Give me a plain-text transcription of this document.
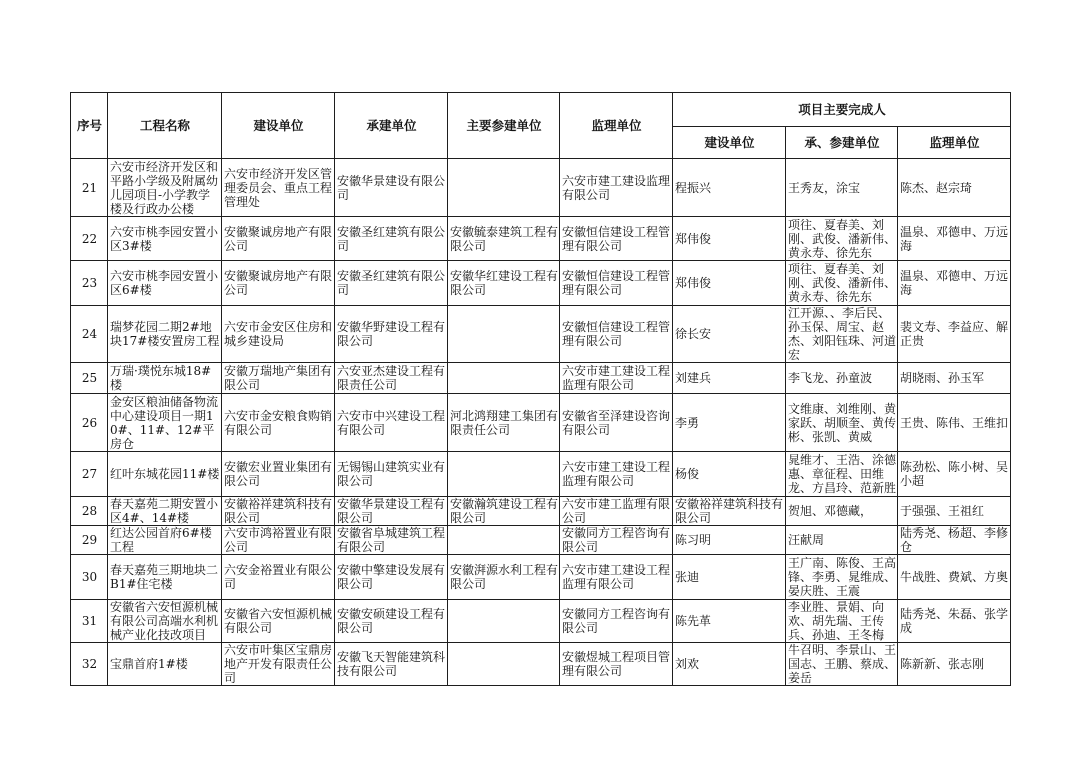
序号	工程名称	建设单位	承建单位	主要参建单位	监理单位	项目主要完成人		
						建设单位	承、参建单位	监理单位
21	六安市经济开发区和平路小学级及附属幼儿园项目-小学教学楼及行政办公楼	六安市经济开发区管理委员会、重点工程管理处	安徽华景建设有限公司		六安市建工建设监理有限公司	程振兴	王秀友，涂宝	陈杰、赵宗琦
22	六安市桃李园安置小区3#楼	安徽聚诚房地产有限公司	安徽圣红建筑有限公司	安徽毓泰建筑工程有限公司	安徽恒信建设工程管理有限公司	郑伟俊	项往、夏春美、刘刚、武俊、潘新伟、黄永寿、徐先东	温泉、邓德申、万远海
23	六安市桃李园安置小区6#楼	安徽聚诚房地产有限公司	安徽圣红建筑有限公司	安徽华红建设工程有限公司	安徽恒信建设工程管理有限公司	郑伟俊	项往、夏春美、刘刚、武俊、潘新伟、黄永寿、徐先东	温泉、邓德申、万远海
24	瑞梦花园二期2#地块17#楼安置房工程	六安市金安区住房和城乡建设局	安徽华野建设工程有限公司		安徽恒信建设工程管理有限公司	徐长安	江开源、、李后民、孙玉保、周宝、赵杰、刘阳钰珠、河道宏	裴文寿、李益应、解正贵
25	万瑞·璞悦东城18#楼	安徽万瑞地产集团有限公司	六安亚杰建设工程有限责任公司		六安市建工建设工程监理有限公司	刘建兵	李飞龙、孙童波	胡晓雨、孙玉军
26	金安区粮油储备物流中心建设项目一期10#、11#、12#平房仓	六安市金安粮食购销有限公司	六安市中兴建设工程有限公司	河北鸿翔建工集团有限责任公司	安徽省至泽建设咨询有限公司	李勇	文维康、刘维刚、黄家跃、胡顺奎、黄传彬、张凯、黄威	王贵、陈伟、王维扣
27	红叶东城花园11#楼	安徽宏业置业集团有限公司	无锡锡山建筑实业有限公司		六安市建工建设工程监理有限公司	杨俊	晁维才、王浩、涂德惠、章征程、田维龙、方昌玲、范新胜	陈劲松、陈小树、吴小超
28	春天嘉苑二期安置小区4#、14#楼	安徽裕祥建筑科技有限公司	安徽华景建设工程有限公司	安徽瀚筑建设工程有限公司	六安市建工监理有限公司	安徽裕祥建筑科技有限公司	贺旭、邓德藏，	于强强、王祖红
29	红达公园首府6#楼工程	六安市鸿裕置业有限公司	安徽省阜城建筑工程有限公司		安徽同方工程咨询有限公司	陈习明	汪献周	陆秀尧、杨超、李修仓
30	春天嘉苑三期地块二B1#住宅楼	六安金裕置业有限公司	安徽中擎建设发展有限公司	安徽湃源水利工程有限公司	六安市建工建设工程监理有限公司	张迪	王广南、陈俊、王高锋、李勇、晁维成、晏庆胜、王震	牛战胜、费斌、方奥
31	安徽省六安恒源机械有限公司高端水利机械产业化技改项目	安徽省六安恒源机械有限公司	安徽安硕建设工程有限公司		安徽同方工程咨询有限公司	陈先革	李业胜、景娟、向欢、胡先瑞、王传兵、孙迪、王冬梅	陆秀尧、朱磊、张学成
32	宝鼎首府1#楼	六安市叶集区宝鼎房地产开发有限责任公司	安徽飞天智能建筑科技有限公司		安徽煜城工程项目管理有限公司	刘欢	牛召明、李景山、王国志、王鹏、蔡成、姜岳	陈新新、张志刚
